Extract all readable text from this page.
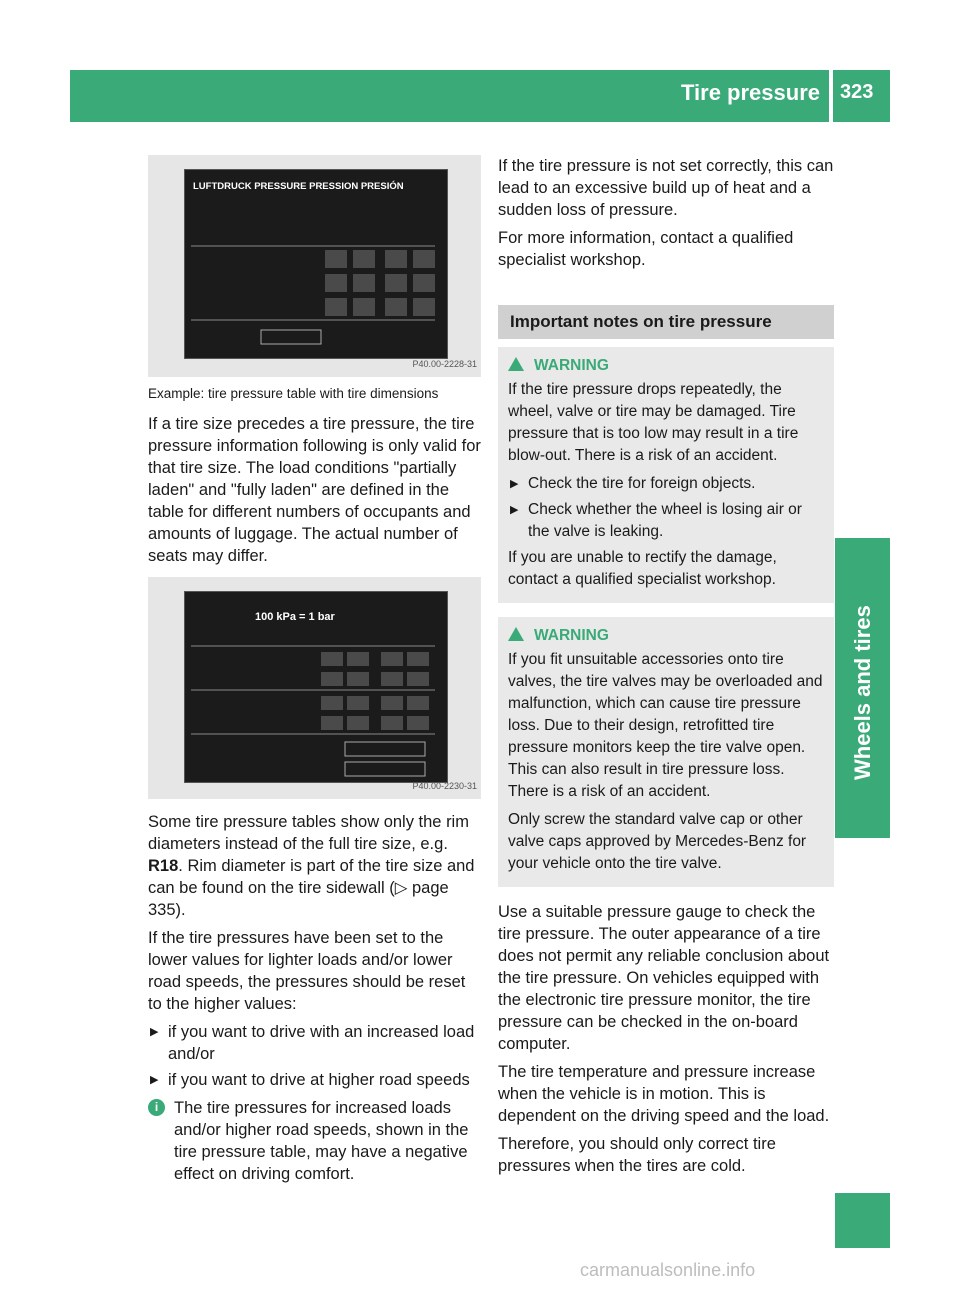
Tire pressure 323
Wheels and tires
LUFTDRUCK PRESSURE PRESSION PRESIÓN
P40.00-2228-31
Example: tire pressure table with tire dimensions

If a tire size precedes a tire pressure, the tire pressure information following is only valid for that tire size. The load conditions "partially laden" and "fully laden" are defined in the table for different numbers of occupants and amounts of luggage. The actual number of seats may differ.

100 kPa = 1 bar
P40.00-2230-31

Some tire pressure tables show only the rim diameters instead of the full tire size, e.g. R18. Rim diameter is part of the tire size and can be found on the tire sidewall (▷ page 335).

If the tire pressures have been set to the lower values for lighter loads and/or lower road speeds, the pressures should be reset to the higher values:

▶ if you want to drive with an increased load and/or
▶ if you want to drive at higher road speeds
i The tire pressures for increased loads and/or higher road speeds, shown in the tire pressure table, may have a negative effect on driving comfort.

If the tire pressure is not set correctly, this can lead to an excessive build up of heat and a sudden loss of pressure.

For more information, contact a qualified specialist workshop.

Important notes on tire pressure
WARNING

If the tire pressure drops repeatedly, the wheel, valve or tire may be damaged. Tire pressure that is too low may result in a tire blow-out. There is a risk of an accident.

▶ Check the tire for foreign objects.
▶ Check whether the wheel is losing air or the valve is leaking.

If you are unable to rectify the damage, contact a qualified specialist workshop.

WARNING

If you fit unsuitable accessories onto tire valves, the tire valves may be overloaded and malfunction, which can cause tire pressure loss. Due to their design, retrofitted tire pressure monitors keep the tire valve open. This can also result in tire pressure loss. There is a risk of an accident.

Only screw the standard valve cap or other valve caps approved by Mercedes-Benz for your vehicle onto the tire valve.

Use a suitable pressure gauge to check the tire pressure. The outer appearance of a tire does not permit any reliable conclusion about the tire pressure. On vehicles equipped with the electronic tire pressure monitor, the tire pressure can be checked in the on-board computer.

The tire temperature and pressure increase when the vehicle is in motion. This is dependent on the driving speed and the load.

Therefore, you should only correct tire pressures when the tires are cold.

carmanualsonline.info
